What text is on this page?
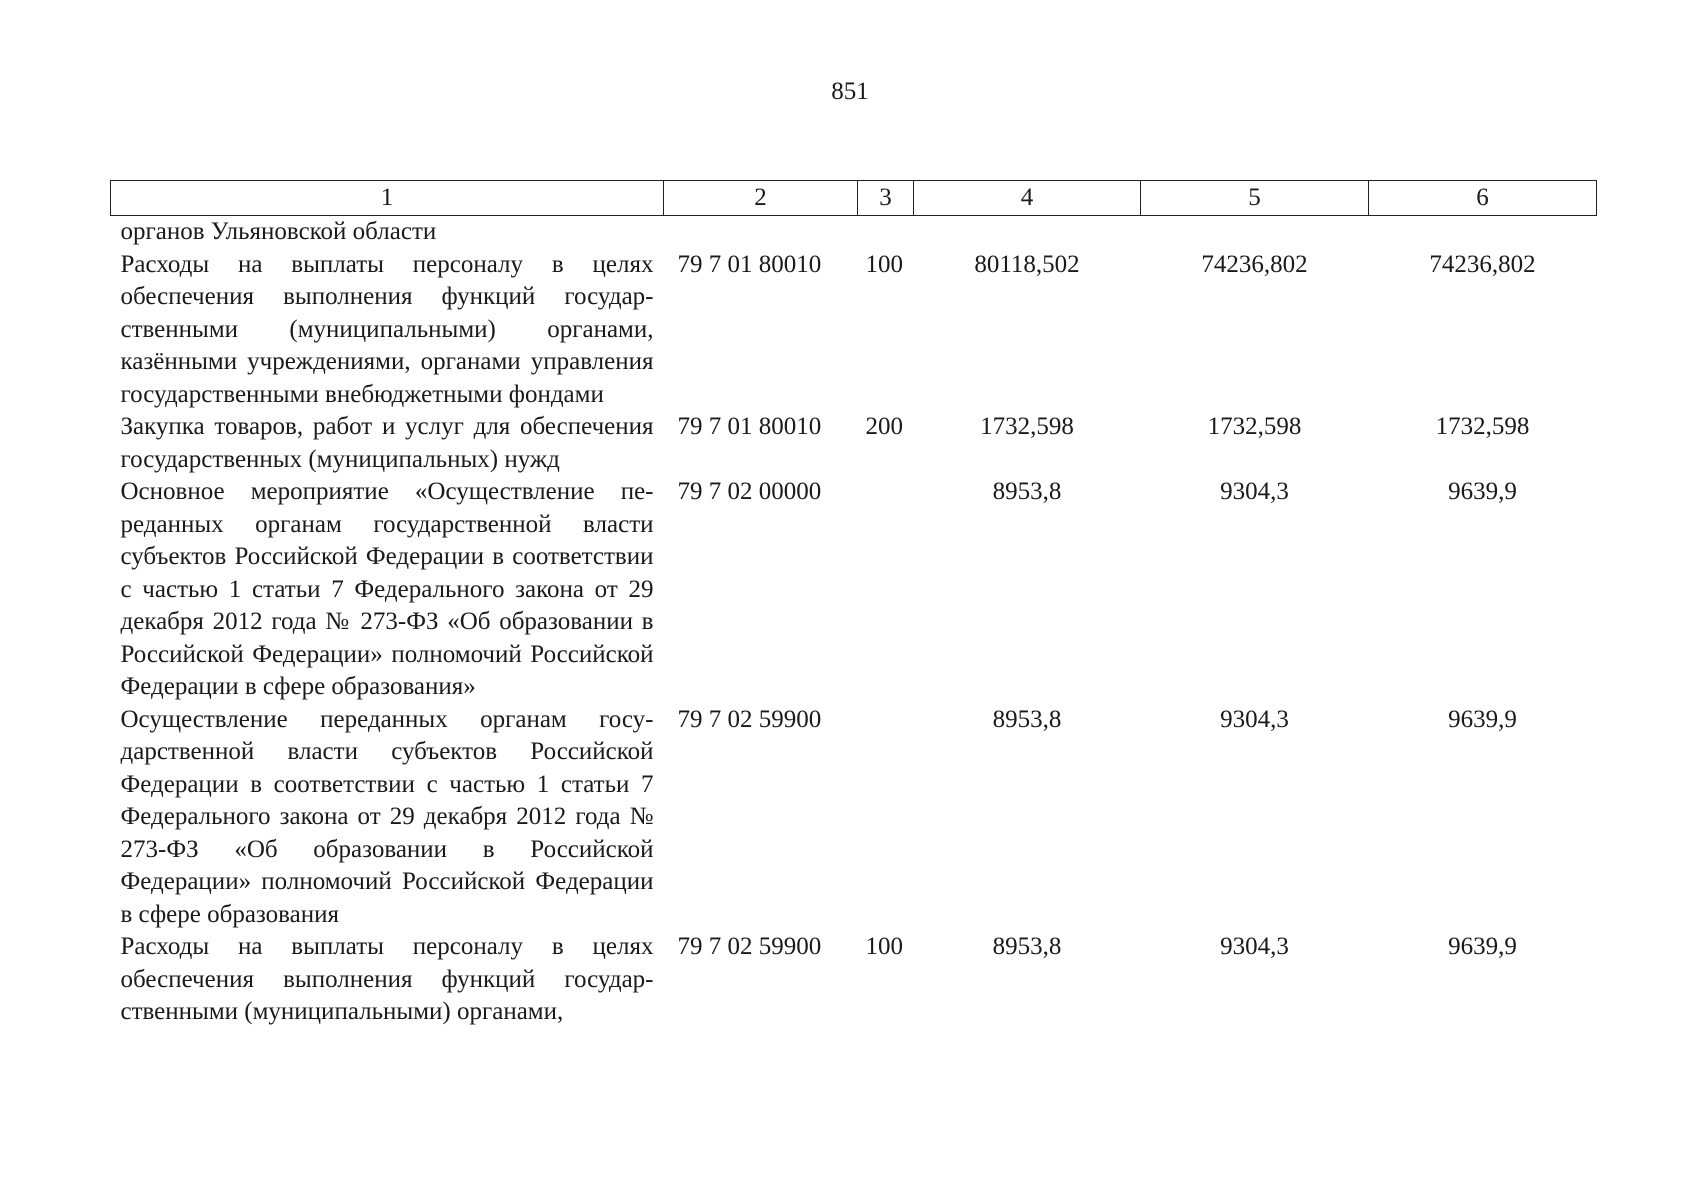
851
1	2	3	4	5	6
органов Ульяновской области					
Расходы на выплаты персоналу в целях обеспечения выполнения функций государственными (муниципальными) органами, казёнными учреждениями, органами управления государственными внебюджетными фондами	79 7 01 80010	100	80118,502	74236,802	74236,802
Закупка товаров, работ и услуг для обеспечения государственных (муниципальных) нужд	79 7 01 80010	200	1732,598	1732,598	1732,598
Основное мероприятие «Осуществление переданных органам государственной власти субъектов Российской Федерации в соответствии с частью 1 статьи 7 Федерального закона от 29 декабря 2012 года № 273-ФЗ «Об образовании в Российской Федерации» полномочий Российской Федерации в сфере образования»	79 7 02 00000		8953,8	9304,3	9639,9
Осуществление переданных органам государственной власти субъектов Российской Федерации в соответствии с частью 1 статьи 7 Федерального закона от 29 декабря 2012 года № 273-ФЗ «Об образовании в Российской Федерации» полномочий Российской Федерации в сфере образования	79 7 02 59900		8953,8	9304,3	9639,9
Расходы на выплаты персоналу в целях обеспечения выполнения функций государственными (муниципальными) органами,	79 7 02 59900	100	8953,8	9304,3	9639,9
